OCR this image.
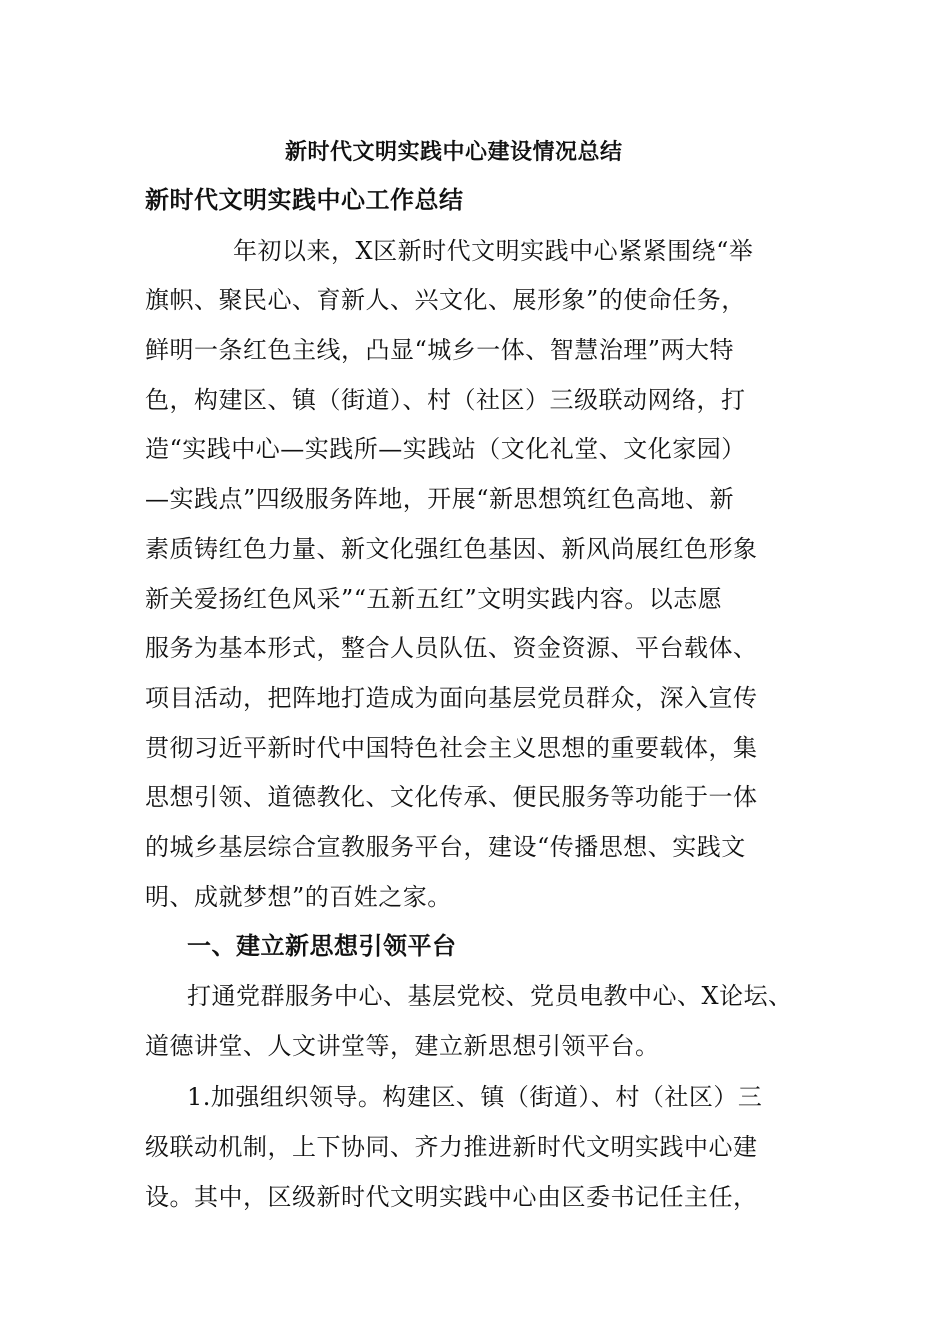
新时代文明实践中心建设情况总结
新时代文明实践中心工作总结

年初以来，X区新时代文明实践中心紧紧围绕“举

旗帜、聚民心、育新人、兴文化、展形象”的使命任务，

鲜明一条红色主线，凸显“城乡一体、智慧治理”两大特

色，构建区、镇（街道）、村（社区）三级联动网络，打

造“实践中心—实践所—实践站（文化礼堂、文化家园）

—实践点”四级服务阵地，开展“新思想筑红色高地、新

素质铸红色力量、新文化强红色基因、新风尚展红色形象

新关爱扬红色风采”“五新五红”文明实践内容。以志愿

服务为基本形式，整合人员队伍、资金资源、平台载体、

项目活动，把阵地打造成为面向基层党员群众，深入宣传

贯彻习近平新时代中国特色社会主义思想的重要载体，集

思想引领、道德教化、文化传承、便民服务等功能于一体

的城乡基层综合宣教服务平台，建设“传播思想、实践文

明、成就梦想”的百姓之家。

一、建立新思想引领平台

打通党群服务中心、基层党校、党员电教中心、X论坛、

道德讲堂、人文讲堂等，建立新思想引领平台。

1.加强组织领导。构建区、镇（街道）、村（社区）三

级联动机制，上下协同、齐力推进新时代文明实践中心建

设。其中，区级新时代文明实践中心由区委书记任主任，
